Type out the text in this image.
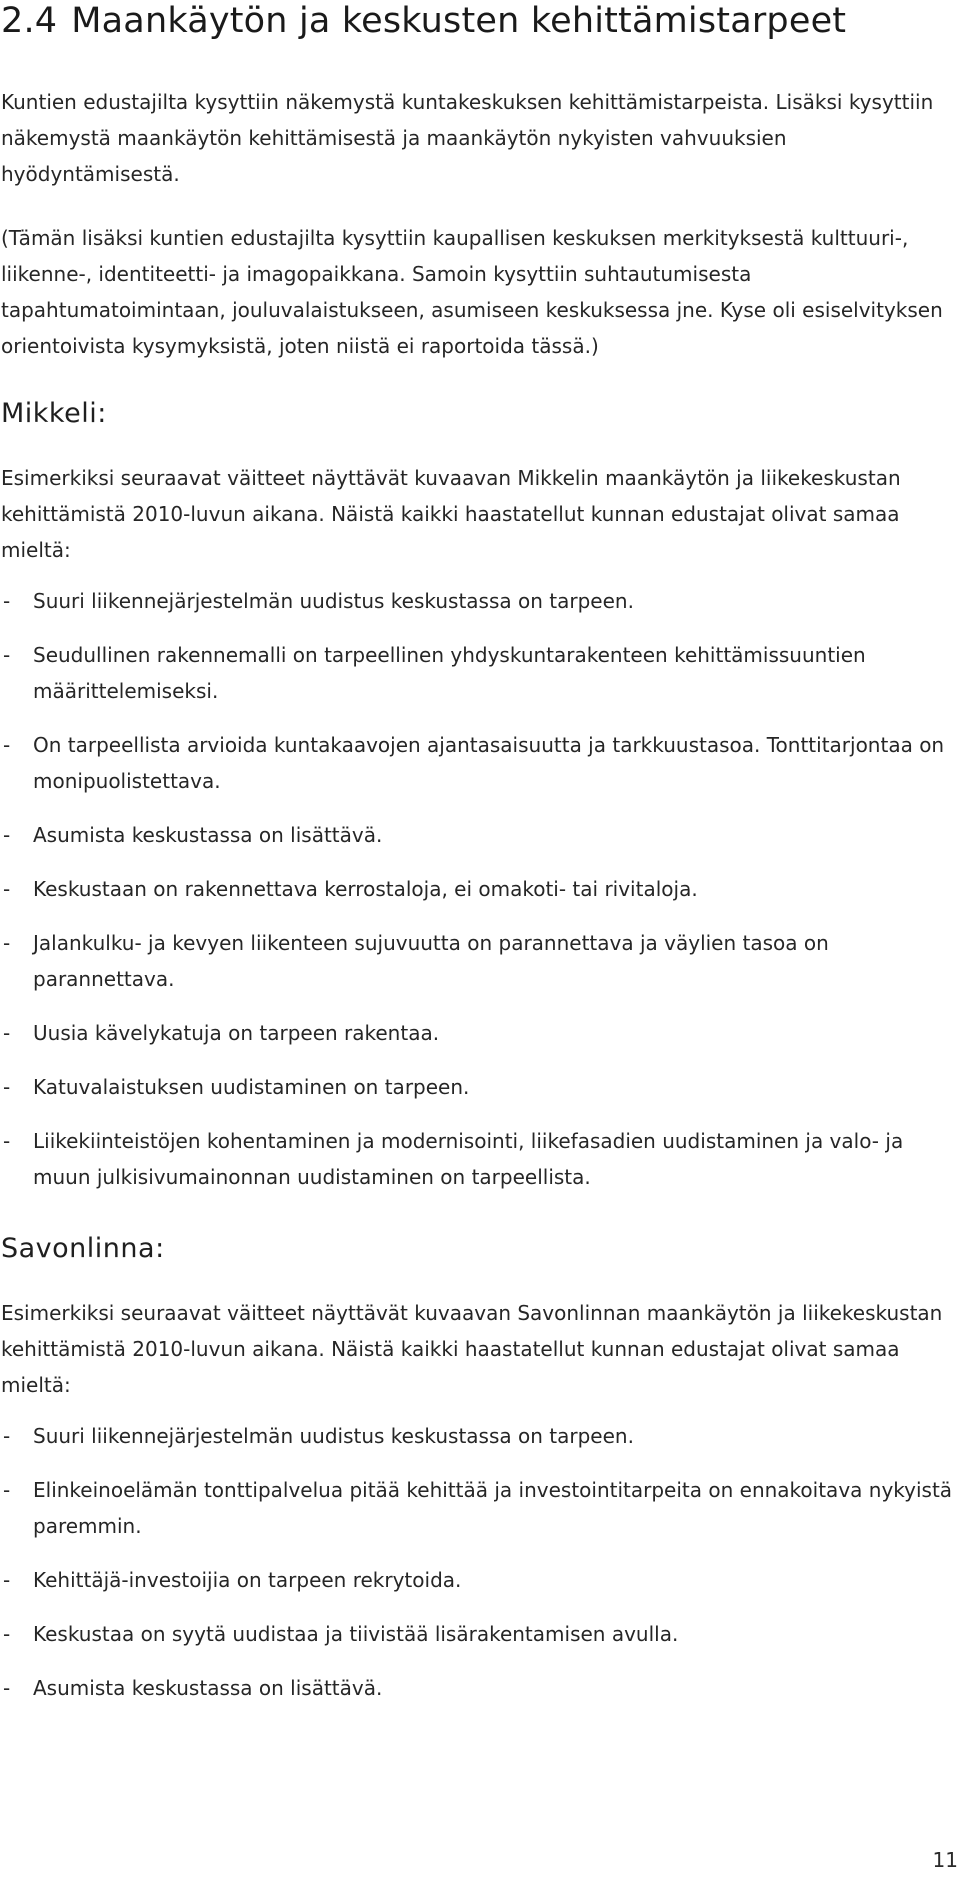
2.4 Maankäytön ja keskusten kehittämistarpeet

Kuntien edustajilta kysyttiin näkemystä kuntakeskuksen kehittämistarpeista. Lisäksi kysyttiin näkemystä maankäytön kehittämisestä ja maankäytön nykyisten vahvuuksien hyödyntämisestä.

(Tämän lisäksi kuntien edustajilta kysyttiin kaupallisen keskuksen merkityksestä kulttuuri-, liikenne-, identiteetti- ja imagopaikkana. Samoin kysyttiin suhtautumisesta tapahtumatoimintaan, jouluvalaistukseen, asumiseen keskuksessa jne. Kyse oli esiselvityksen orientoivista kysymyksistä, joten niistä ei raportoida tässä.)

Mikkeli:

Esimerkiksi seuraavat väitteet näyttävät kuvaavan Mikkelin maankäytön ja liikekeskustan kehittämistä 2010-luvun aikana. Näistä kaikki haastatellut kunnan edustajat olivat samaa mieltä:

- Suuri liikennejärjestelmän uudistus keskustassa on tarpeen.
- Seudullinen rakennemalli on tarpeellinen yhdyskuntarakenteen kehittämissuuntien määrittelemiseksi.
- On tarpeellista arvioida kuntakaavojen ajantasaisuutta ja tarkkuustasoa. Tonttitarjontaa on monipuolistettava.
- Asumista keskustassa on lisättävä.
- Keskustaan on rakennettava kerrostaloja, ei omakoti- tai rivitaloja.
- Jalankulku- ja kevyen liikenteen sujuvuutta on parannettava ja väylien tasoa on parannettava.
- Uusia kävelykatuja on tarpeen rakentaa.
- Katuvalaistuksen uudistaminen on tarpeen.
- Liikekiinteistöjen kohentaminen ja modernisointi, liikefasadien uudistaminen ja valo- ja muun julkisivumainonnan uudistaminen on tarpeellista.
Savonlinna:

Esimerkiksi seuraavat väitteet näyttävät kuvaavan Savonlinnan maankäytön ja liikekeskustan kehittämistä 2010-luvun aikana. Näistä kaikki haastatellut kunnan edustajat olivat samaa mieltä:

- Suuri liikennejärjestelmän uudistus keskustassa on tarpeen.
- Elinkeinoelämän tonttipalvelua pitää kehittää ja investointitarpeita on ennakoitava nykyistä paremmin.
- Kehittäjä-investoijia on tarpeen rekrytoida.
- Keskustaa on syytä uudistaa ja tiivistää lisärakentamisen avulla.
- Asumista keskustassa on lisättävä.
11
